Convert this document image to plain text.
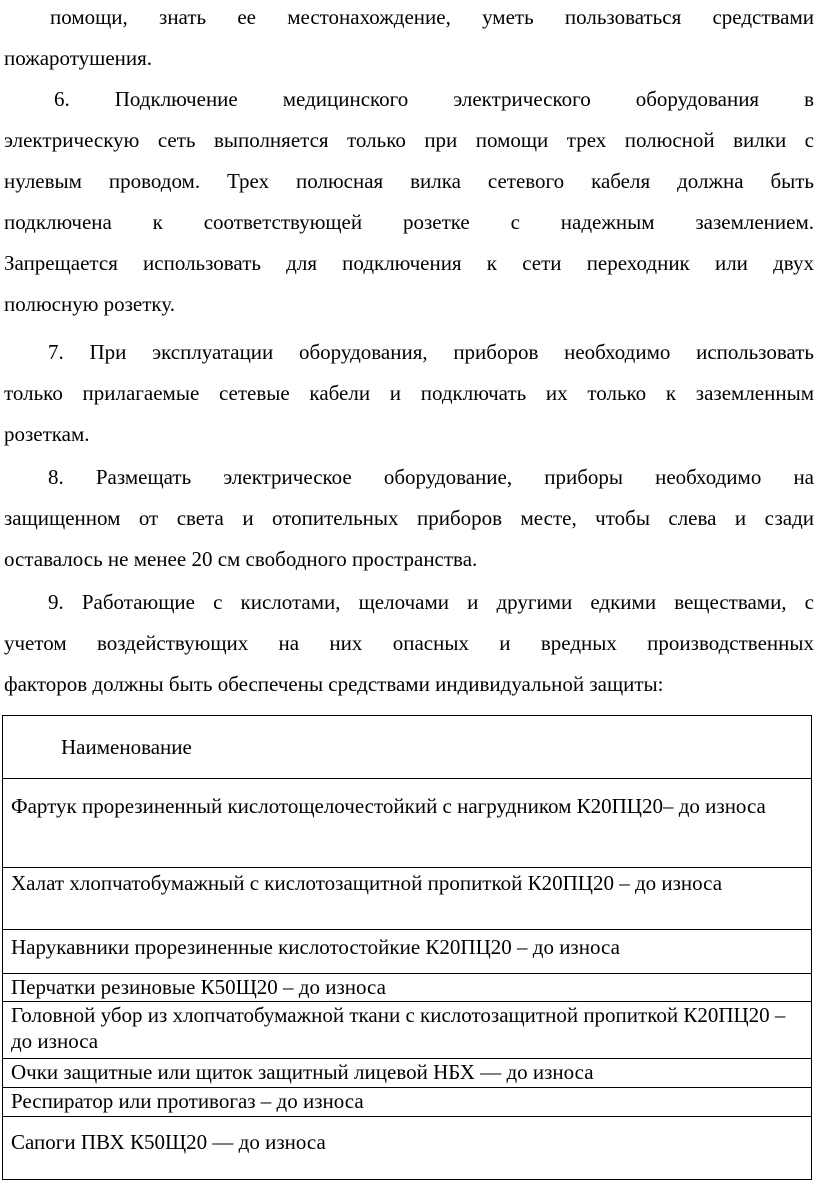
помощи, знать ее местонахождение, уметь пользоваться средствами
пожаротушения.

6. Подключение медицинского электрического оборудования в
электрическую сеть выполняется только при помощи трех полюсной вилки с
нулевым проводом. Трех полюсная вилка сетевого кабеля должна быть
подключена к соответствующей розетке с надежным заземлением.
Запрещается использовать для подключения к сети переходник или двух
полюсную розетку.

7. При эксплуатации оборудования, приборов необходимо использовать
только прилагаемые сетевые кабели и подключать их только к заземленным
розеткам.

8. Размещать электрическое оборудование, приборы необходимо на
защищенном от света и отопительных приборов месте, чтобы слева и сзади
оставалось не менее 20 см свободного пространства.

9. Работающие с кислотами, щелочами и другими едкими веществами, с
учетом воздействующих на них опасных и вредных производственных
факторов должны быть обеспечены средствами индивидуальной защиты:

Наименование
Фартук прорезиненный кислотощелочестойкий с нагрудником К20ПЦ20– до износа
Халат хлопчатобумажный с кислотозащитной пропиткой К20ПЦ20 – до износа
Нарукавники прорезиненные кислотостойкие К20ПЦ20 – до износа
Перчатки резиновые К50Щ20 – до износа
Головной убор из хлопчатобумажной ткани с кислотозащитной пропиткой К20ПЦ20 – до износа
Очки защитные или щиток защитный лицевой НБХ — до износа
Респиратор или противогаз – до износа
Сапоги ПВХ К50Щ20 — до износа
